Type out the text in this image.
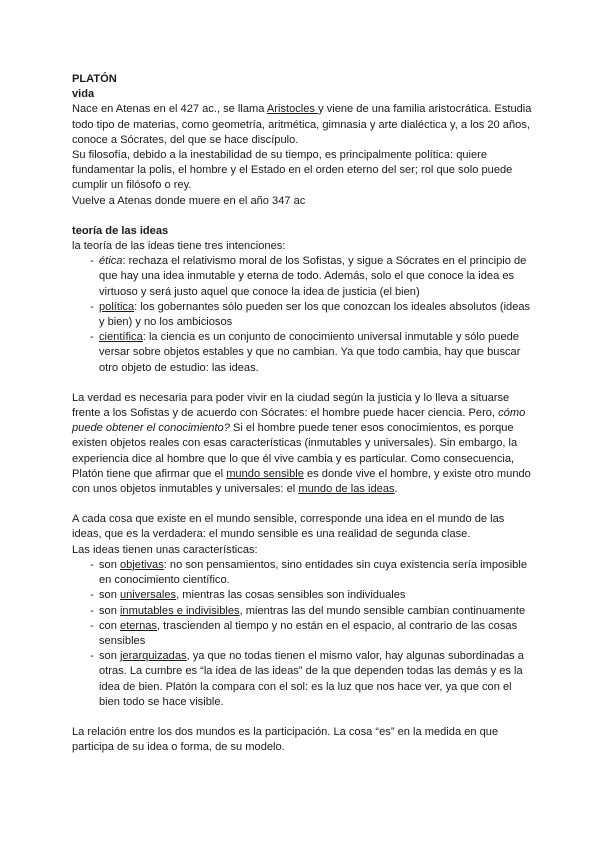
PLATÓN

vida

Nace en Atenas en el 427 ac., se llama Aristocles y viene de una familia aristocrática. Estudia todo tipo de materias, como geometría, aritmética, gimnasia y arte dialéctica y, a los 20 años, conoce a Sócrates, del que se hace discípulo.

Su filosofía, debido a la inestabilidad de su tiempo, es principalmente política: quiere fundamentar la polis, el hombre y el Estado en el orden eterno del ser; rol que solo puede cumplir un filósofo o rey.

Vuelve a Atenas donde muere en el año 347 ac

teoría de las ideas

la teoría de las ideas tiene tres intenciones:

- ética: rechaza el relativismo moral de los Sofistas, y sigue a Sócrates en el principio de que hay una idea inmutable y eterna de todo. Además, solo el que conoce la idea es virtuoso y será justo aquel que conoce la idea de justicia (el bien)
- política: los gobernantes sólo pueden ser los que conozcan los ideales absolutos (ideas y bien) y no los ambiciosos
- científica: la ciencia es un conjunto de conocimiento universal inmutable y sólo puede versar sobre objetos estables y que no cambian. Ya que todo cambia, hay que buscar otro objeto de estudio: las ideas.

La verdad es necesaria para poder vivir en la ciudad según la justicia y lo lleva a situarse frente a los Sofistas y de acuerdo con Sócrates: el hombre puede hacer ciencia. Pero, cómo puede obtener el conocimiento? Si el hombre puede tener esos conocimientos, es porque existen objetos reales con esas características (inmutables y universales). Sin embargo, la experiencia dice al hombre que lo que él vive cambia y es particular. Como consecuencia, Platón tiene que afirmar que el mundo sensible es donde vive el hombre, y existe otro mundo con unos objetos inmutables y universales: el mundo de las ideas.

A cada cosa que existe en el mundo sensible, corresponde una idea en el mundo de las ideas, que es la verdadera: el mundo sensible es una realidad de segunda clase.

Las ideas tienen unas características:

- son objetivas: no son pensamientos, sino entidades sin cuya existencia sería imposible en conocimiento científico.
- son universales, mientras las cosas sensibles son individuales
- son inmutables e indivisibles, mientras las del mundo sensible cambian continuamente
- con eternas, trascienden al tiempo y no están en el espacio, al contrario de las cosas sensibles
- son jerarquizadas, ya que no todas tienen el mismo valor, hay algunas subordinadas a otras. La cumbre es “la idea de las ideas” de la que dependen todas las demás y es la idea de bien. Platón la compara con el sol: es la luz que nos hace ver, ya que con el bien todo se hace visible.

La relación entre los dos mundos es la participación. La cosa “es” en la medida en que participa de su idea o forma, de su modelo.
